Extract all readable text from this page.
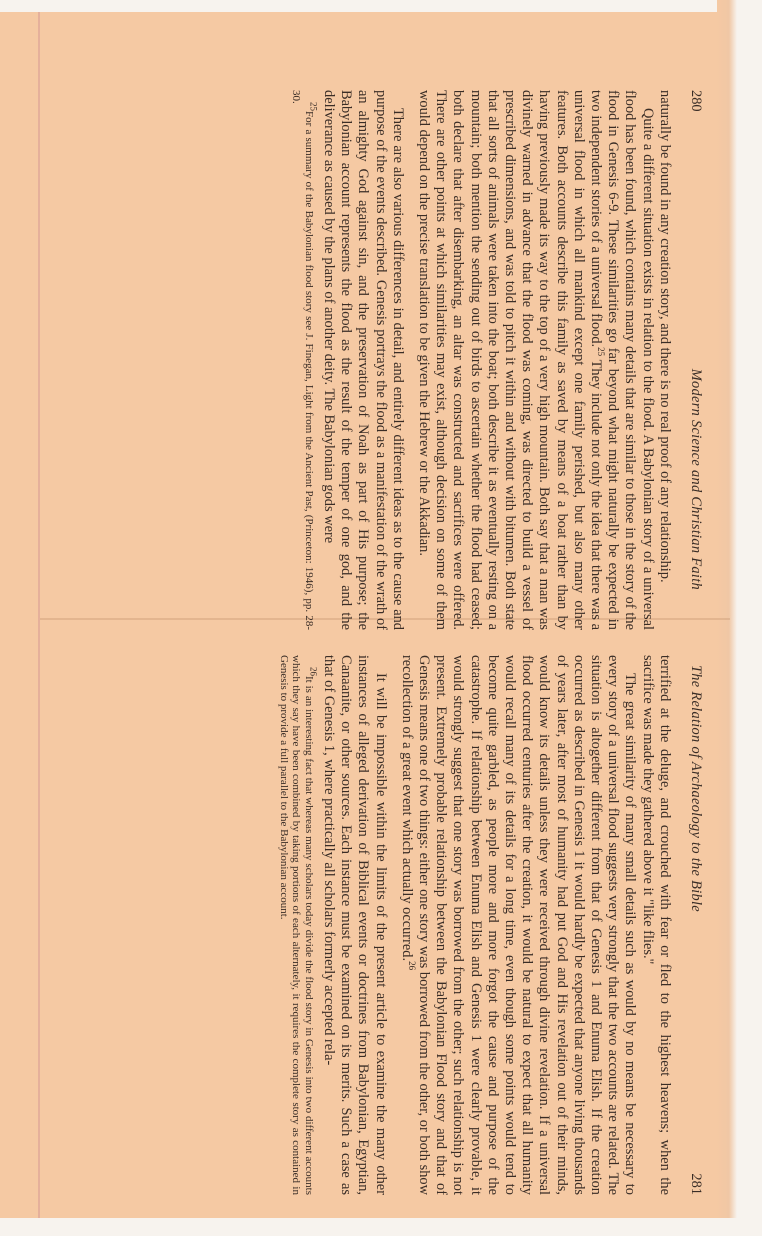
280
Modern Science and Christian Faith

naturally be found in any creation story, and there is no real proof of any relationship.

Quite a different situation exists in relation to the flood. A Babylonian story of a universal flood has been found, which contains many details that are similar to those in the story of the flood in Genesis 6-9. These similarities go far beyond what might naturally be expected in two independent stories of a universal flood.$^{25}$ They include not only the idea that there was a universal flood in which all mankind except one family perished, but also many other features. Both accounts describe this family as saved by means of a boat rather than by having previously made its way to the top of a very high mountain. Both say that a man was divinely warned in advance that the flood was coming, was directed to build a vessel of prescribed dimensions, and was told to pitch it within and without with bitumen. Both state that all sorts of animals were taken into the boat; both describe it as eventually resting on a mountain; both mention the sending out of birds to ascertain whether the flood had ceased; both declare that after disembarking, an altar was constructed and sacrifices were offered. There are other points at which similarities may exist, although decision on some of them would depend on the precise translation to be given the Hebrew or the Akkadian.

There are also various differences in detail, and entirely different ideas as to the cause and purpose of the events described. Genesis portrays the flood as a manifestation of the wrath of an almighty God against sin, and the preservation of Noah as part of His purpose; the Babylonian account represents the flood as the result of the temper of one god, and the deliverance as caused by the plans of another deity. The Babylonian gods were

$^{25}$For a summary of the Babylonian flood story see J. Finegan, Light from the Ancient Past, (Princeton: 1946), pp. 28-30.

The Relation of Archaeology to the Bible
281

terrified at the deluge, and crouched with fear or fled to the highest heavens; when the sacrifice was made they gathered above it "like flies."

The great similarity of many small details such as would by no means be necessary to every story of a universal flood suggests very strongly that the two accounts are related. The situation is altogether different from that of Genesis 1 and Enuma Elish. If the creation occurred as described in Genesis 1 it would hardly be expected that anyone living thousands of years later, after most of humanity had put God and His revelation out of their minds, would know its details unless they were received through divine revelation. If a universal flood occurred centuries after the creation, it would be natural to expect that all humanity would recall many of its details for a long time, even though some points would tend to become quite garbled, as people more and more forgot the cause and purpose of the catastrophe. If relationship between Enuma Elish and Genesis 1 were clearly provable, it would strongly suggest that one story was borrowed from the other; such relationship is not present. Extremely probable relationship between the Babylonian Flood story and that of Genesis means one of two things: either one story was borrowed from the other, or both show recollection of a great event which actually occurred.$^{26}$

It will be impossible within the limits of the present article to examine the many other instances of alleged derivation of Biblical events or doctrines from Babylonian, Egyptian, Canaanite, or other sources. Each instance must be examined on its merits. Such a case as that of Genesis 1, where practically all scholars formerly accepted rela-

$^{26}$It is an interesting fact that whereas many scholars today divide the flood story in Genesis into two different accounts which they say have been combined by taking portions of each alternately, it requires the complete story as contained in Genesis to provide a full parallel to the Babylonian account.
